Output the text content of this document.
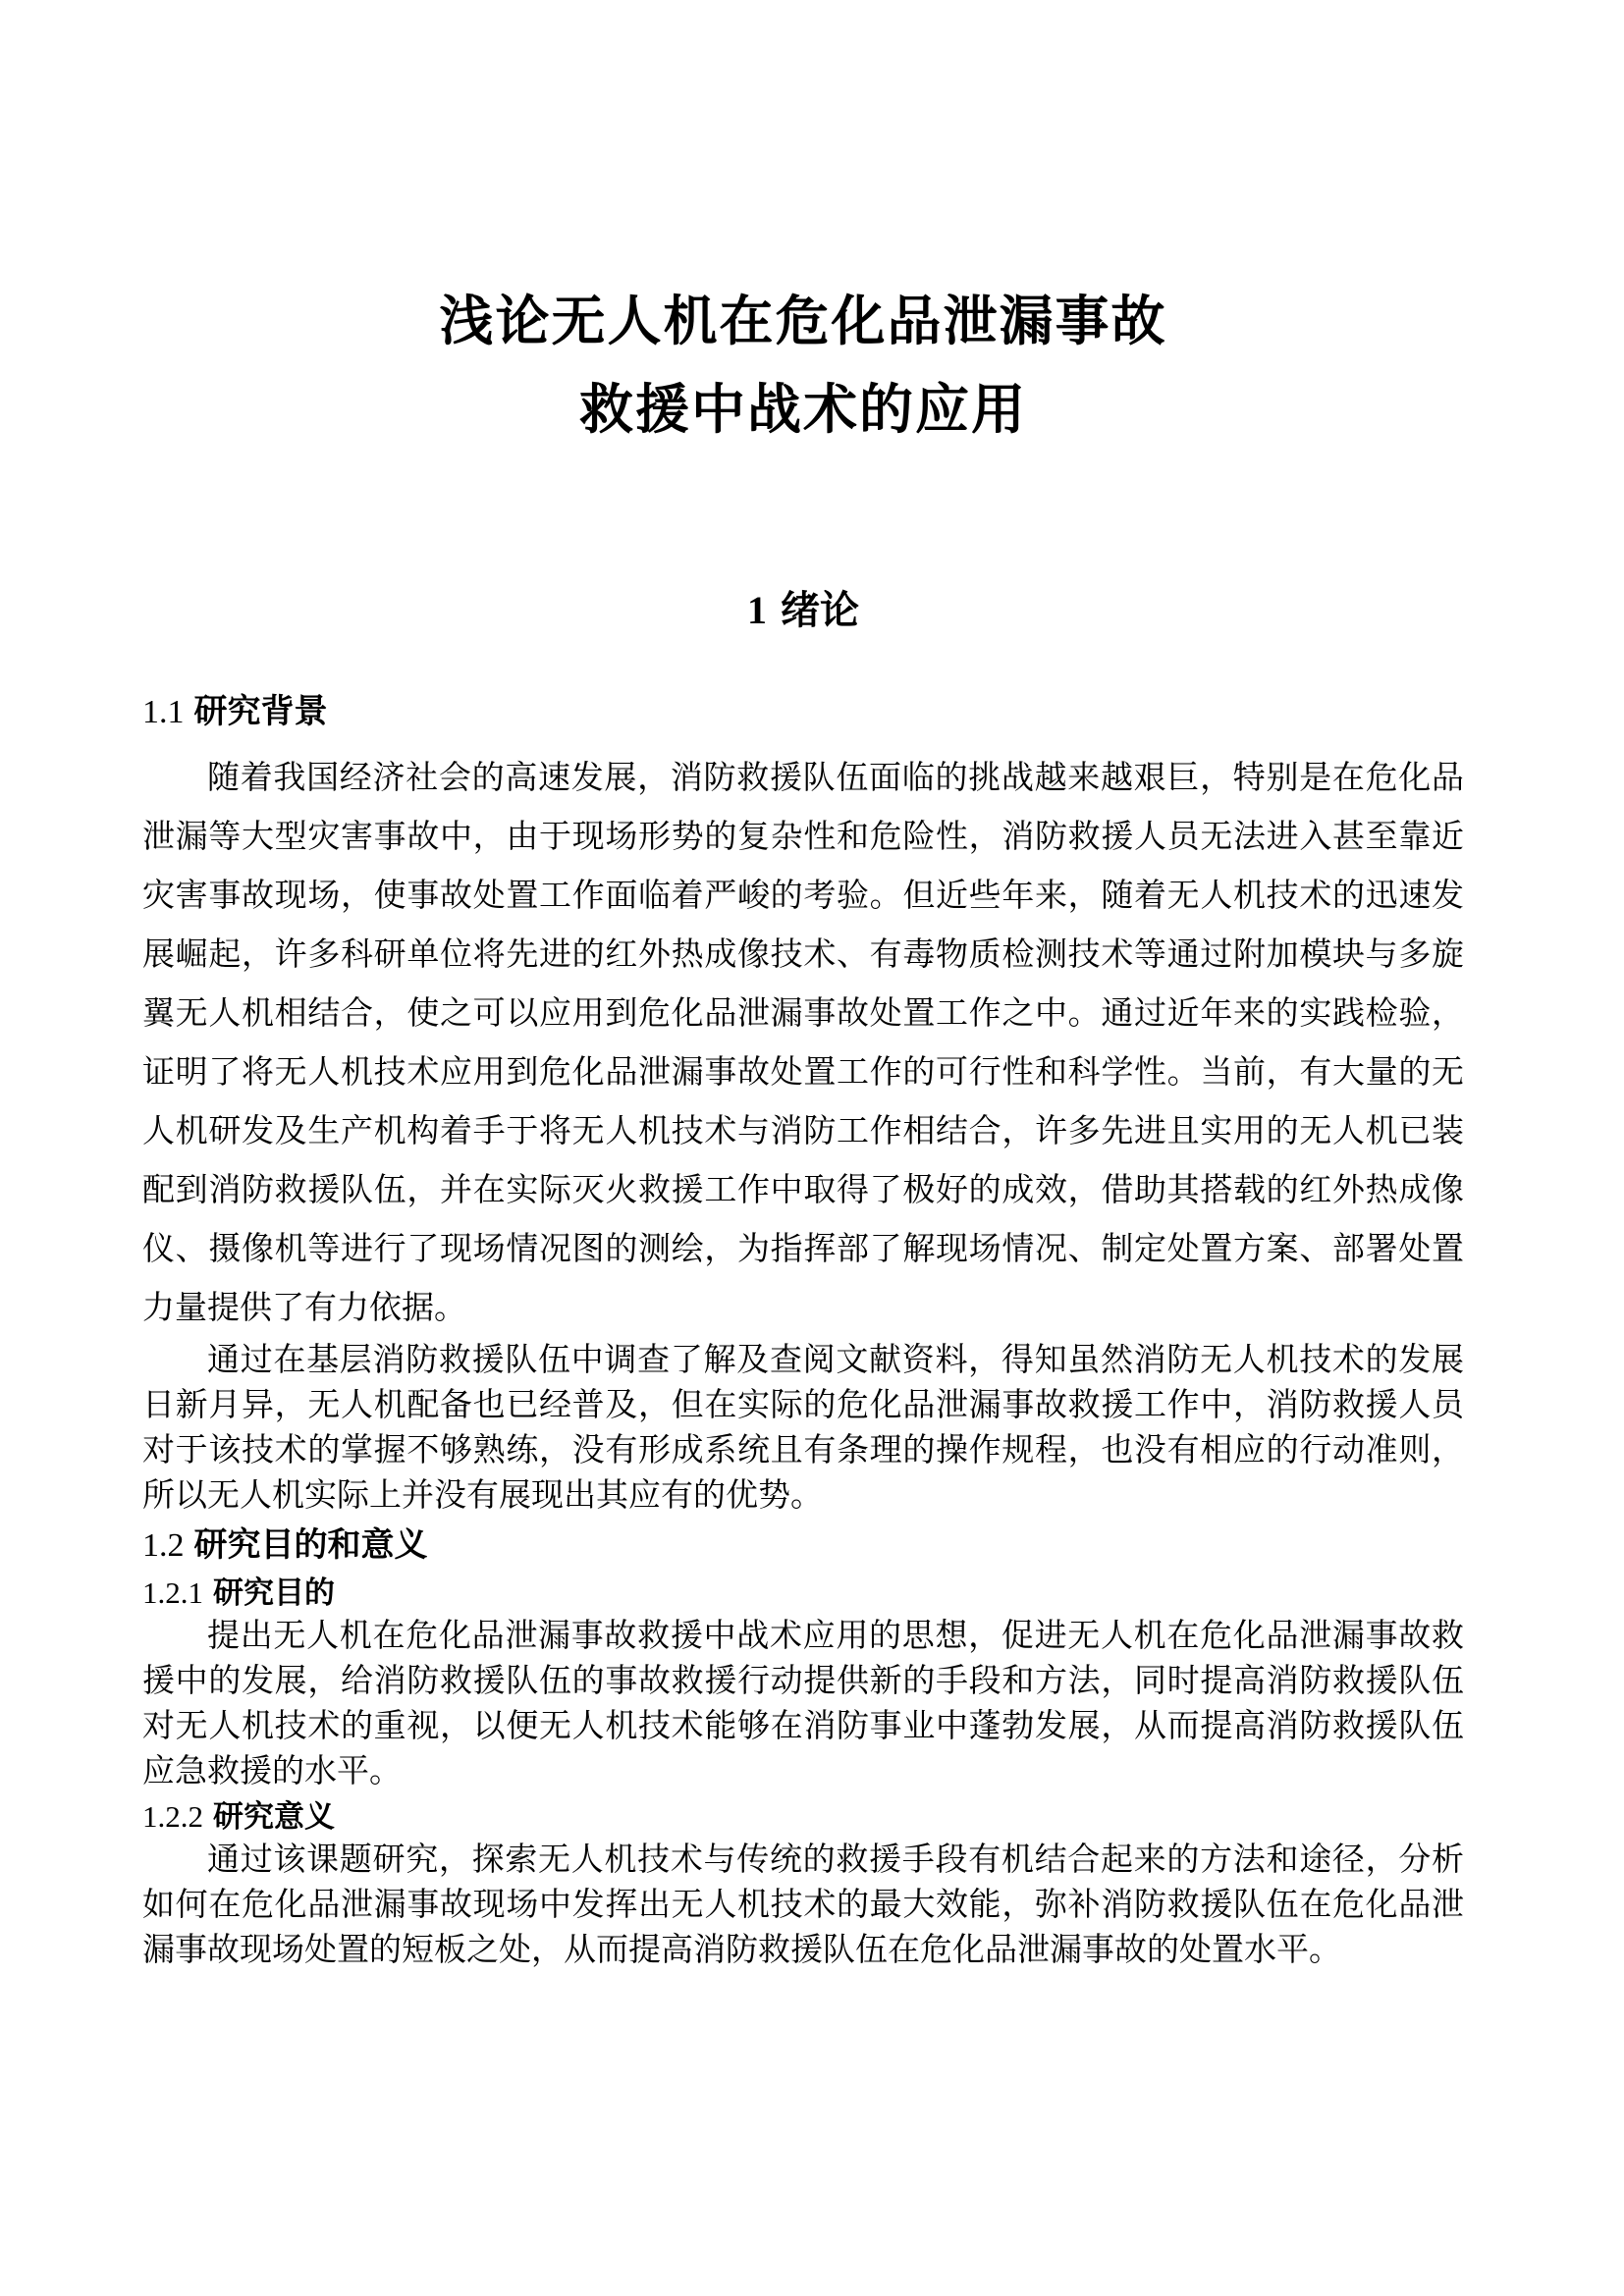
浅论无人机在危化品泄漏事故
救援中战术的应用
1 绪论
1.1 研究背景

随着我国经济社会的高速发展，消防救援队伍面临的挑战越来越艰巨，特别是在危化品泄漏等大型灾害事故中，由于现场形势的复杂性和危险性，消防救援人员无法进入甚至靠近灾害事故现场，使事故处置工作面临着严峻的考验。但近些年来，随着无人机技术的迅速发展崛起，许多科研单位将先进的红外热成像技术、有毒物质检测技术等通过附加模块与多旋翼无人机相结合，使之可以应用到危化品泄漏事故处置工作之中。通过近年来的实践检验，证明了将无人机技术应用到危化品泄漏事故处置工作的可行性和科学性。当前，有大量的无人机研发及生产机构着手于将无人机技术与消防工作相结合，许多先进且实用的无人机已装配到消防救援队伍，并在实际灭火救援工作中取得了极好的成效，借助其搭载的红外热成像仪、摄像机等进行了现场情况图的测绘，为指挥部了解现场情况、制定处置方案、部署处置力量提供了有力依据。

通过在基层消防救援队伍中调查了解及查阅文献资料，得知虽然消防无人机技术的发展日新月异，无人机配备也已经普及，但在实际的危化品泄漏事故救援工作中，消防救援人员对于该技术的掌握不够熟练，没有形成系统且有条理的操作规程，也没有相应的行动准则，所以无人机实际上并没有展现出其应有的优势。

1.2 研究目的和意义
1.2.1 研究目的

提出无人机在危化品泄漏事故救援中战术应用的思想，促进无人机在危化品泄漏事故救援中的发展，给消防救援队伍的事故救援行动提供新的手段和方法，同时提高消防救援队伍对无人机技术的重视，以便无人机技术能够在消防事业中蓬勃发展，从而提高消防救援队伍应急救援的水平。

1.2.2 研究意义

通过该课题研究，探索无人机技术与传统的救援手段有机结合起来的方法和途径，分析如何在危化品泄漏事故现场中发挥出无人机技术的最大效能，弥补消防救援队伍在危化品泄漏事故现场处置的短板之处，从而提高消防救援队伍在危化品泄漏事故的处置水平。
